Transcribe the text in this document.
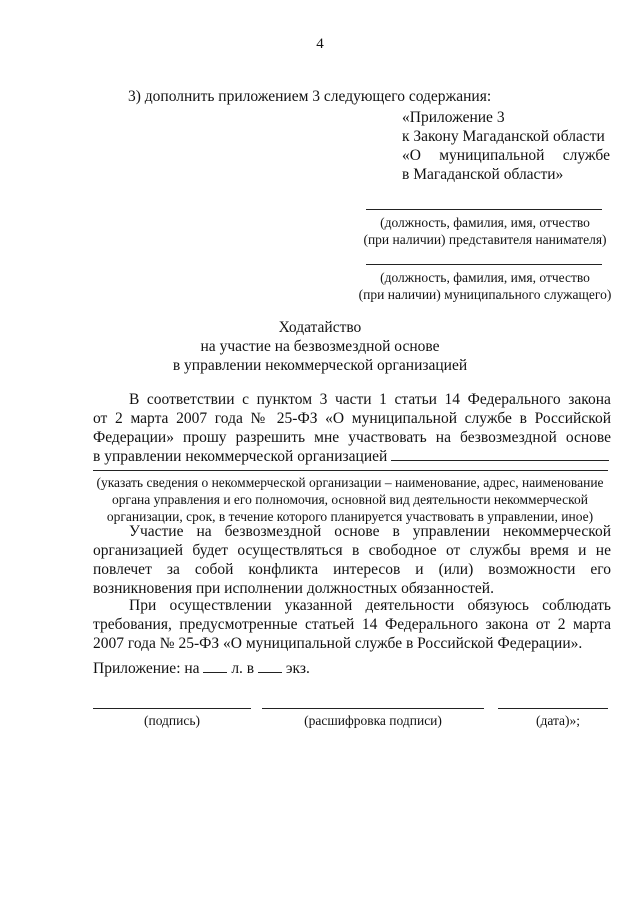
4
3) дополнить приложением 3 следующего содержания:
«Приложение 3
к Закону Магаданской области
«О муниципальной службе
в Магаданской области»
(должность, фамилия, имя, отчество
(при наличии) представителя нанимателя)
(должность, фамилия, имя, отчество
(при наличии) муниципального служащего)
Ходатайство
на участие на безвозмездной основе
в управлении некоммерческой организацией
В соответствии с пунктом 3 части 1 статьи 14 Федерального закона
от 2 марта 2007 года № 25-ФЗ «О муниципальной службе в Российской
Федерации» прошу разрешить мне участвовать на безвозмездной основе
в управлении некоммерческой организацией
(указать сведения о некоммерческой организации – наименование, адрес, наименование
органа управления и его полномочия, основной вид деятельности некоммерческой
организации, срок, в течение которого планируется участвовать в управлении, иное)

Участие на безвозмездной основе в управлении некоммерческой организацией будет осуществляться в свободное от службы время и не повлечет за собой конфликта интересов и (или) возможности его возникновения при исполнении должностных обязанностей.

При осуществлении указанной деятельности обязуюсь соблюдать требования, предусмотренные статьей 14 Федерального закона от 2 марта 2007 года № 25-ФЗ «О муниципальной службе в Российской Федерации».

Приложение: на л. в экз.
(подпись)	(расшифровка подписи)	(дата)»;
